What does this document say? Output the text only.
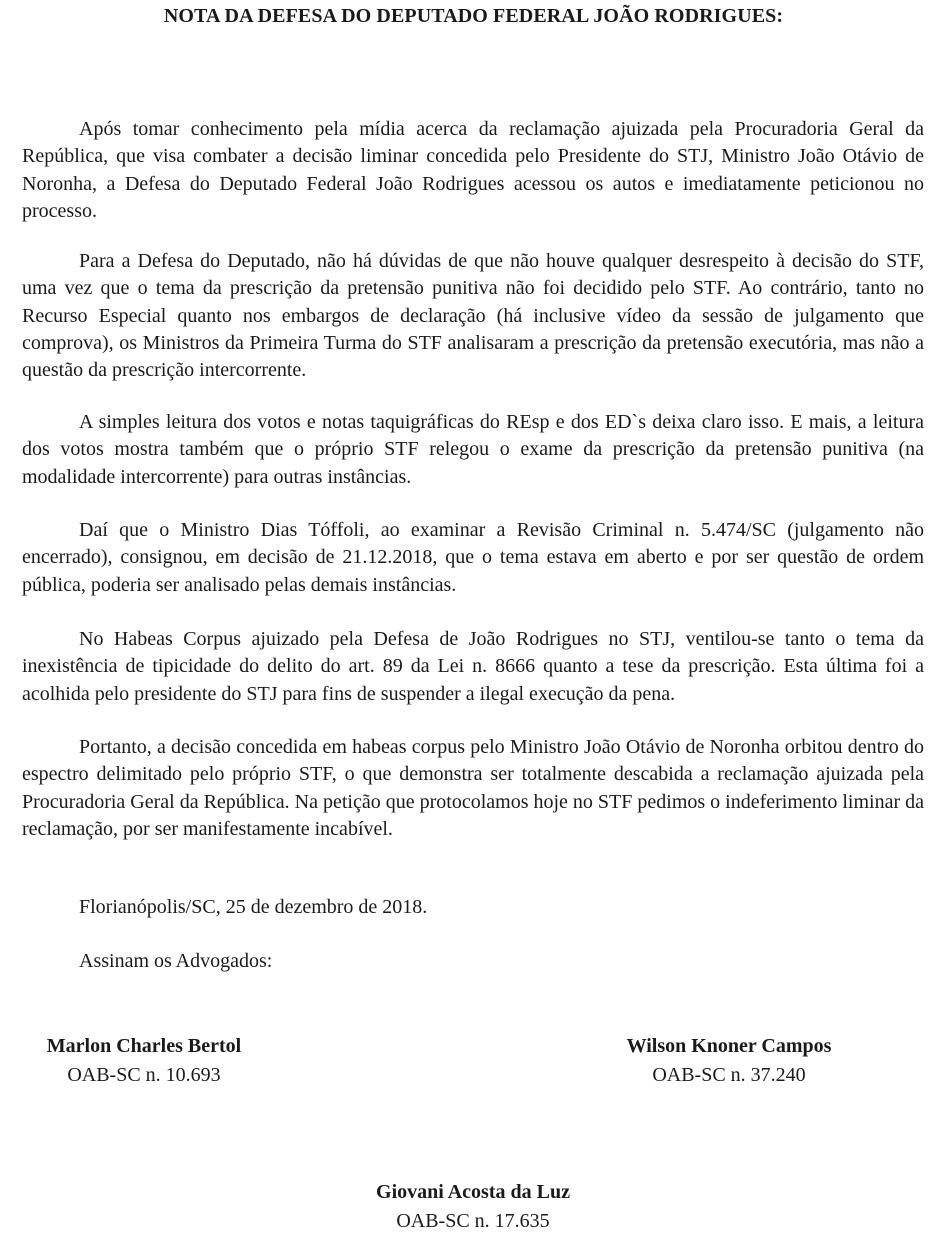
NOTA DA DEFESA DO DEPUTADO FEDERAL JOÃO RODRIGUES:

Após tomar conhecimento pela mídia acerca da reclamação ajuizada pela Procuradoria Geral da República, que visa combater a decisão liminar concedida pelo Presidente do STJ, Ministro João Otávio de Noronha, a Defesa do Deputado Federal João Rodrigues acessou os autos e imediatamente peticionou no processo.

Para a Defesa do Deputado, não há dúvidas de que não houve qualquer desrespeito à decisão do STF, uma vez que o tema da prescrição da pretensão punitiva não foi decidido pelo STF. Ao contrário, tanto no Recurso Especial quanto nos embargos de declaração (há inclusive vídeo da sessão de julgamento que comprova), os Ministros da Primeira Turma do STF analisaram a prescrição da pretensão executória, mas não a questão da prescrição intercorrente.

A simples leitura dos votos e notas taquigráficas do REsp e dos ED`s deixa claro isso. E mais, a leitura dos votos mostra também que o próprio STF relegou o exame da prescrição da pretensão punitiva (na modalidade intercorrente) para outras instâncias.

Daí que o Ministro Dias Tóffoli, ao examinar a Revisão Criminal n. 5.474/SC (julgamento não encerrado), consignou, em decisão de 21.12.2018, que o tema estava em aberto e por ser questão de ordem pública, poderia ser analisado pelas demais instâncias.

No Habeas Corpus ajuizado pela Defesa de João Rodrigues no STJ, ventilou-se tanto o tema da inexistência de tipicidade do delito do art. 89 da Lei n. 8666 quanto a tese da prescrição. Esta última foi a acolhida pelo presidente do STJ para fins de suspender a ilegal execução da pena.

Portanto, a decisão concedida em habeas corpus pelo Ministro João Otávio de Noronha orbitou dentro do espectro delimitado pelo próprio STF, o que demonstra ser totalmente descabida a reclamação ajuizada pela Procuradoria Geral da República. Na petição que protocolamos hoje no STF pedimos o indeferimento liminar da reclamação, por ser manifestamente incabível.

Florianópolis/SC, 25 de dezembro de 2018.
Assinam os Advogados:
Marlon Charles Bertol
OAB-SC n. 10.693
Wilson Knoner Campos
OAB-SC n. 37.240
Giovani Acosta da Luz
OAB-SC n. 17.635
